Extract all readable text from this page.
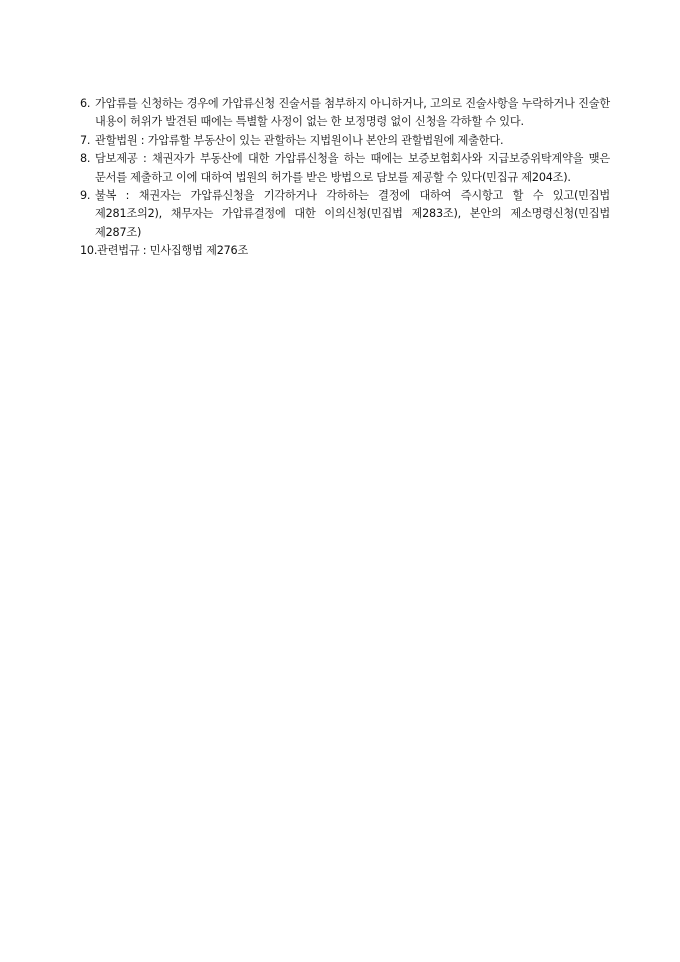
6. 가압류를 신청하는 경우에 가압류신청 진술서를 첨부하지 아니하거나, 고의로 진술사항을 누락하거나 진술한 내용이 허위가 발견된 때에는 특별할 사정이 없는 한 보정명령 없이 신청을 각하할 수 있다.
7. 관할법원 : 가압류할 부동산이 있는 관할하는 지법원이나 본안의 관할법원에 제출한다.
8. 담보제공 : 채권자가 부동산에 대한 가압류신청을 하는 때에는 보증보험회사와 지급보증위탁계약을 맺은 문서를 제출하고 이에 대하여 법원의 허가를 받은 방법으로 담보를 제공할 수 있다(민집규 제204조).
9. 불복 : 채권자는 가압류신청을 기각하거나 각하하는 결정에 대하여 즉시항고 할 수 있고(민집법 제281조의2), 채무자는 가압류결정에 대한 이의신청(민집법 제283조), 본안의 제소명령신청(민집법 제287조)
10. 관련법규 : 민사집행법 제276조
